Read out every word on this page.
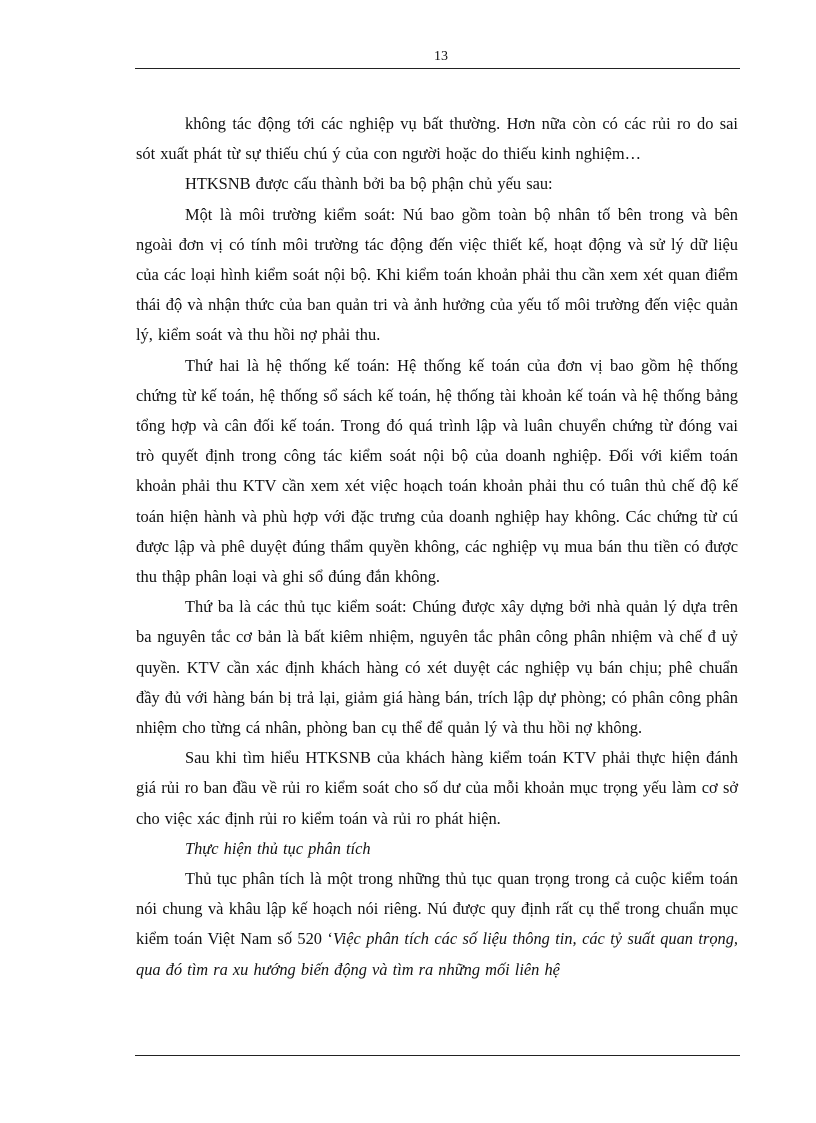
13

không tác động tới các nghiệp vụ bất thường. Hơn nữa còn có các rủi ro do sai sót xuất phát từ sự thiếu chú ý của con người hoặc do thiếu kinh nghiệm…

HTKSNB được cấu thành bởi ba bộ phận chủ yếu sau:

Một là môi trường kiểm soát: Nú bao gồm toàn bộ nhân tố bên trong và bên ngoài đơn vị có tính môi trường tác động đến việc thiết kế, hoạt động và sử lý dữ liệu của các loại hình kiểm soát nội bộ. Khi kiểm toán khoản phải thu cần xem xét quan điểm thái độ và nhận thức của ban quản tri và ảnh hưởng của yếu tố môi trường đến việc quản lý, kiểm soát và thu hồi nợ phải thu.

Thứ hai là hệ thống kế toán: Hệ thống kế toán của đơn vị bao gồm hệ thống chứng từ kế toán, hệ thống sổ sách kế toán, hệ thống tài khoản kế toán và hệ thống bảng tổng hợp và cân đối kế toán. Trong đó quá trình lập và luân chuyển chứng từ đóng vai trò quyết định trong công tác kiểm soát nội bộ của doanh nghiệp. Đối với kiểm toán khoản phải thu KTV cần xem xét việc hoạch toán khoản phải thu có tuân thủ chế độ kế toán hiện hành và phù hợp với đặc trưng của doanh nghiệp hay không. Các chứng từ cú được lập và phê duyệt đúng thẩm quyền không, các nghiệp vụ mua bán thu tiền có được thu thập phân loại và ghi sổ đúng đắn không.

Thứ ba là các thủ tục kiểm soát: Chúng được xây dựng bởi nhà quản lý dựa trên ba nguyên tắc cơ bản là bất kiêm nhiệm, nguyên tắc phân công phân nhiệm và chế đ uỷ quyền. KTV cần xác định khách hàng có xét duyệt các nghiệp vụ bán chịu; phê chuẩn đầy đủ với hàng bán bị trả lại, giảm giá hàng bán, trích lập dự phòng; có phân công phân nhiệm cho từng cá nhân, phòng ban cụ thể để quản lý và thu hồi nợ không.

Sau khi tìm hiểu HTKSNB của khách hàng kiểm toán KTV phải thực hiện đánh giá rủi ro ban đầu về rủi ro kiểm soát cho số dư của mỗi khoản mục trọng yếu làm cơ sở cho việc xác định rủi ro kiểm toán và rủi ro phát hiện.

Thực hiện thủ tục phân tích

Thủ tục phân tích là một trong những thủ tục quan trọng trong cả cuộc kiểm toán nói chung và khâu lập kế hoạch nói riêng. Nú được quy định rất cụ thể trong chuẩn mục kiểm toán Việt Nam số 520 ‘Việc phân tích các số liệu thông tin, các tỷ suất quan trọng, qua đó tìm ra xu hướng biến động và tìm ra những mối liên hệ
